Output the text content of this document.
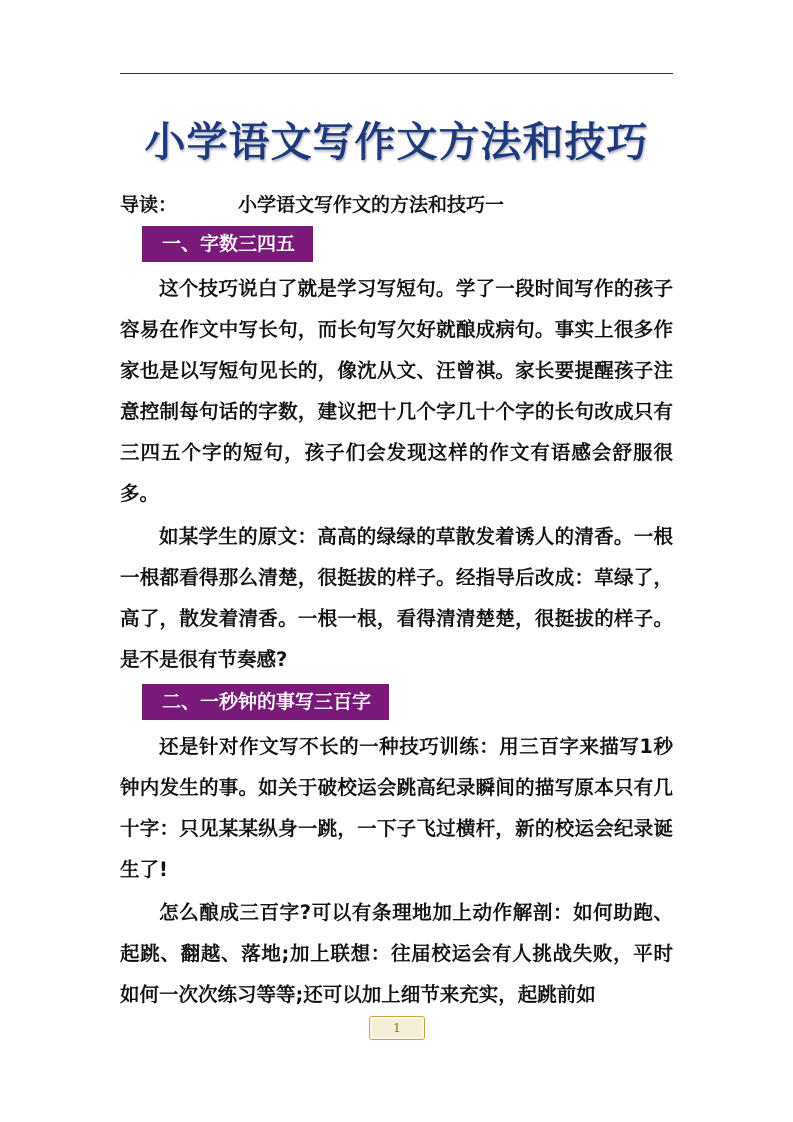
小学语文写作文方法和技巧
导读：	小学语文写作文的方法和技巧一
一、字数三四五

这个技巧说白了就是学习写短句。学了一段时间写作的孩子容易在作文中写长句，而长句写欠好就酿成病句。事实上很多作家也是以写短句见长的，像沈从文、汪曾祺。家长要提醒孩子注意控制每句话的字数，建议把十几个字几十个字的长句改成只有三四五个字的短句，孩子们会发现这样的作文有语感会舒服很多。

如某学生的原文：高高的绿绿的草散发着诱人的清香。一根一根都看得那么清楚，很挺拔的样子。经指导后改成：草绿了，高了，散发着清香。一根一根，看得清清楚楚，很挺拔的样子。是不是很有节奏感?

二、一秒钟的事写三百字

还是针对作文写不长的一种技巧训练：用三百字来描写1秒钟内发生的事。如关于破校运会跳高纪录瞬间的描写原本只有几十字：只见某某纵身一跳，一下子飞过横杆，新的校运会纪录诞生了!

怎么酿成三百字?可以有条理地加上动作解剖：如何助跑、起跳、翻越、落地;加上联想：往届校运会有人挑战失败，平时如何一次次练习等等;还可以加上细节来充实，起跳前如

1
